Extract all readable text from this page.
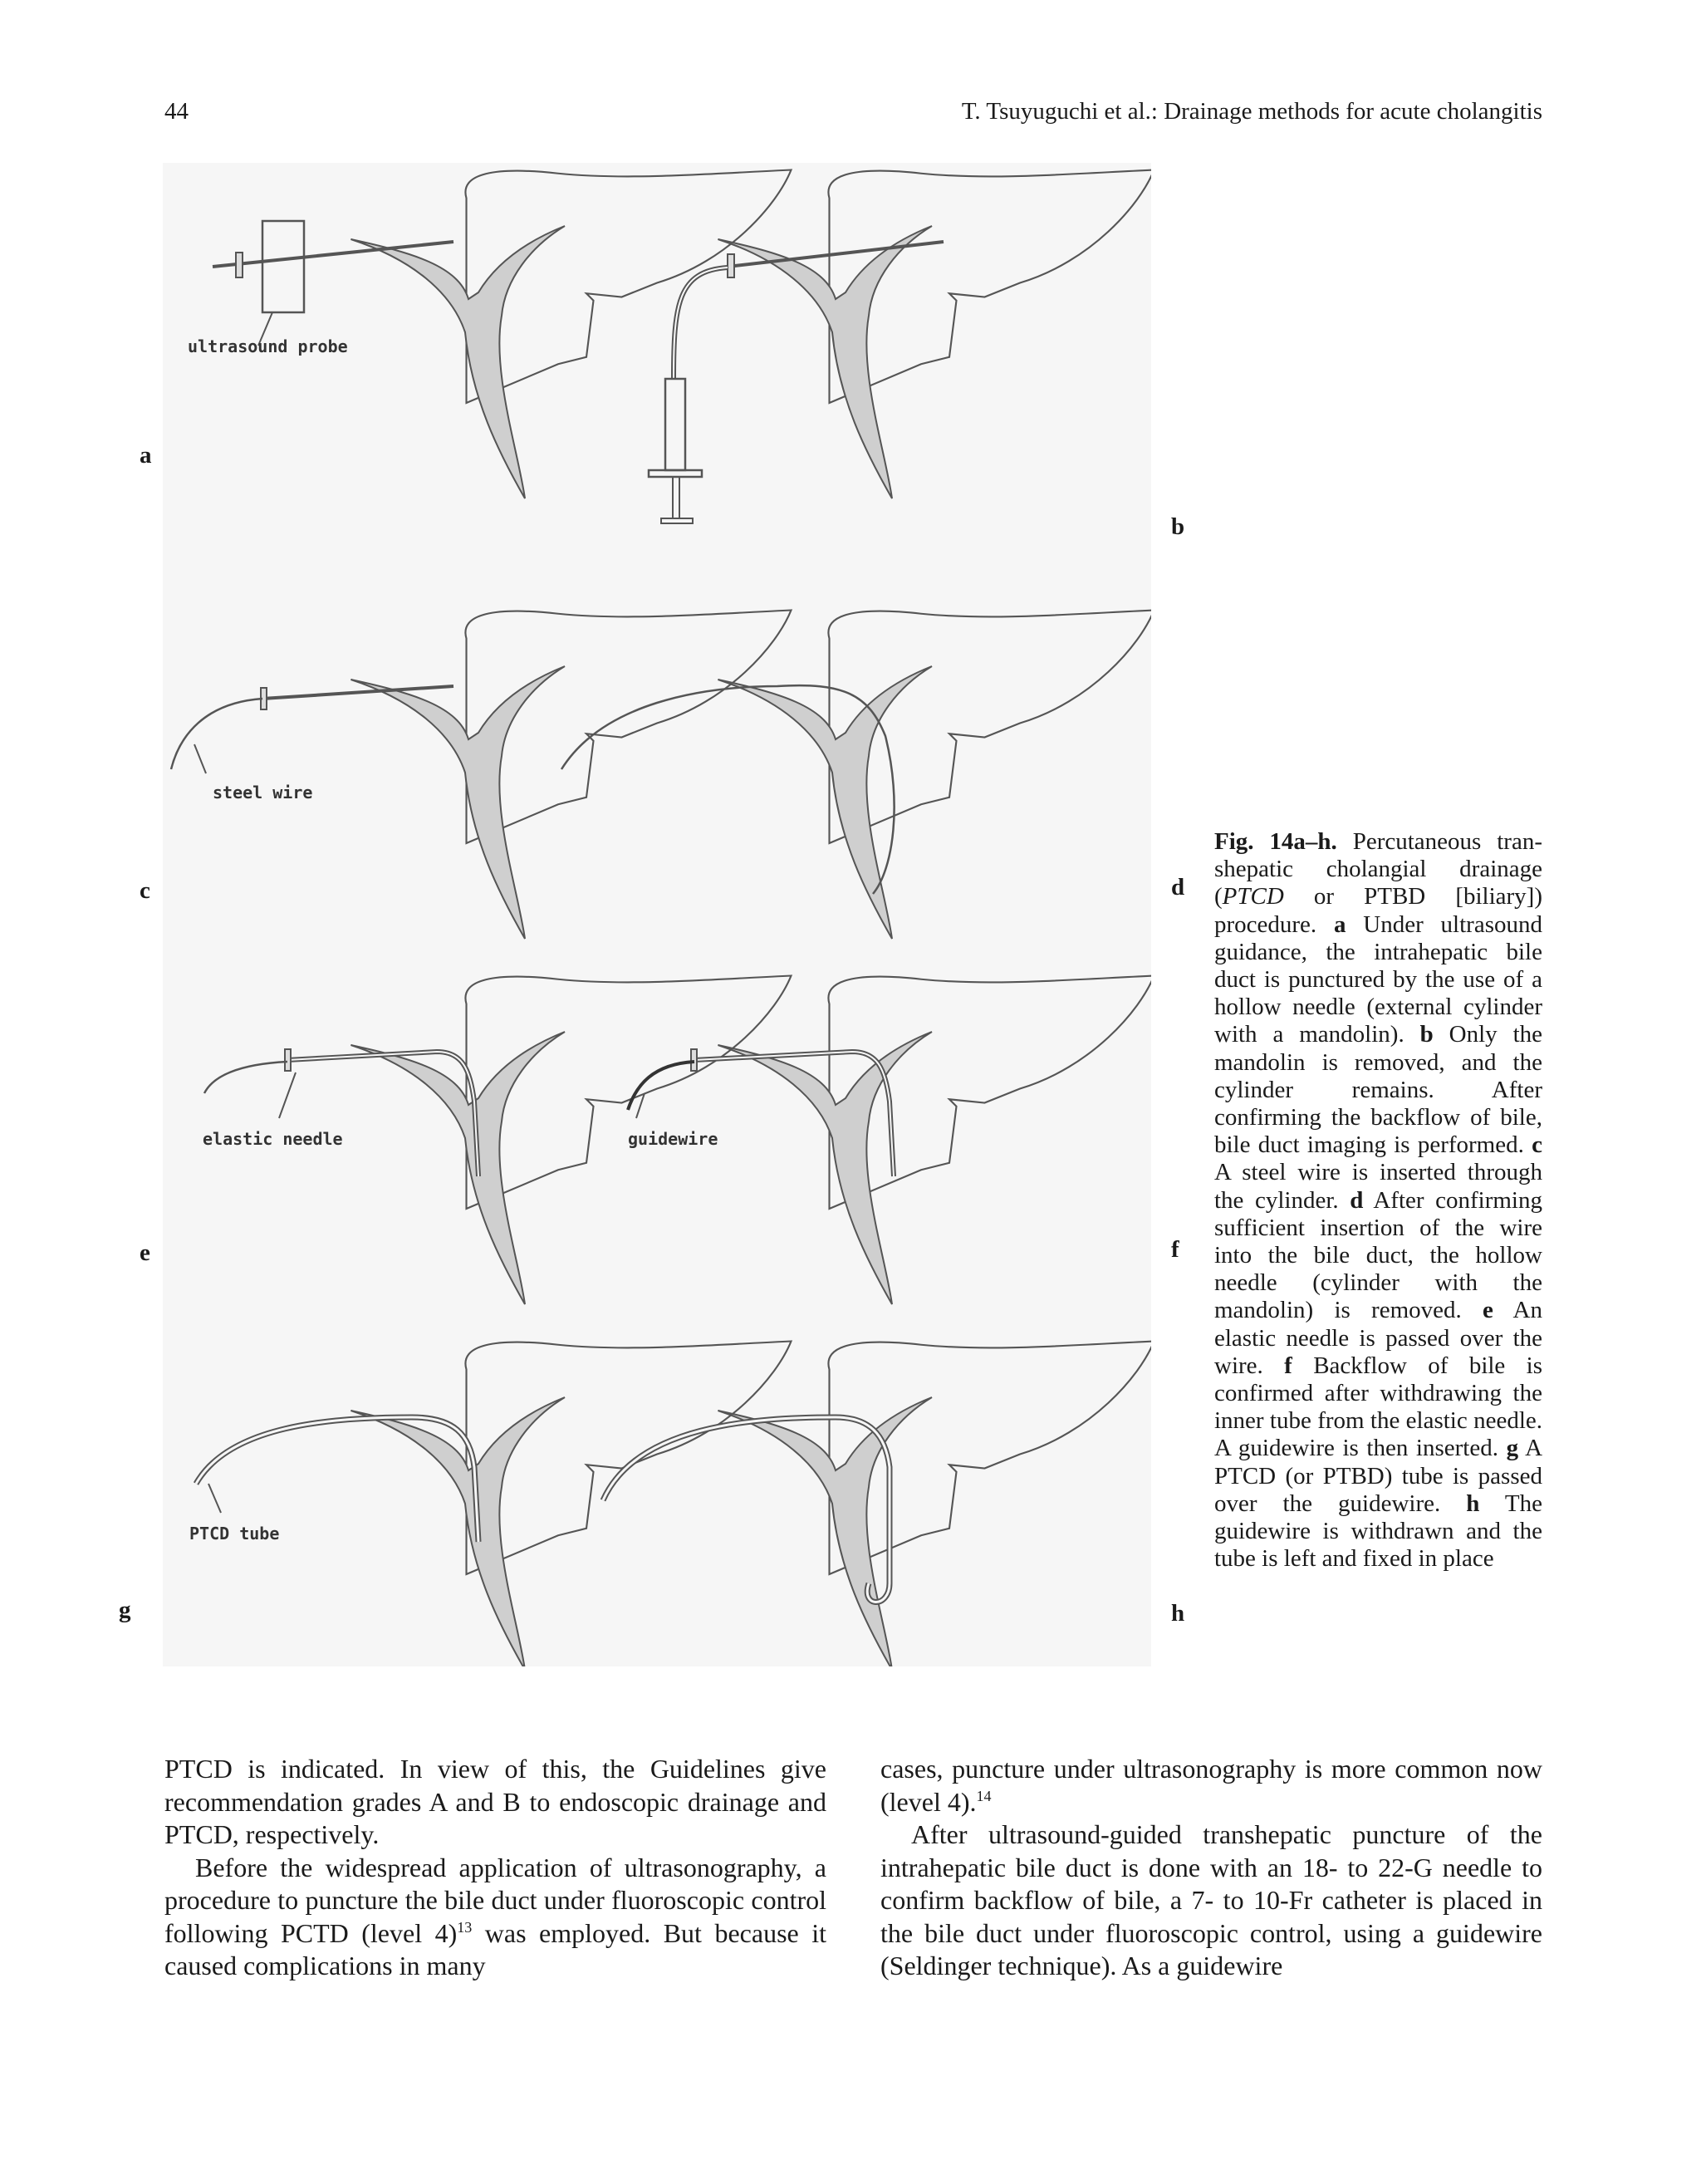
44	T. Tsuyuguchi et al.: Drainage methods for acute cholangitis
ultrasound probe
steel wire
elastic needle	guidewire
PTCD tube
a
b
c	d
e	f
g	h
Fig. 14a–h. Percutaneous transhepatic cholangial drainage (PTCD or PTBD [biliary]) procedure. a Under ultrasound guidance, the intrahepatic bile duct is punctured by the use of a hollow needle (external cylinder with a mandolin). b Only the mandolin is removed, and the cylinder remains. After confirming the backflow of bile, bile duct imaging is performed. c A steel wire is inserted through the cylinder. d After confirming sufficient insertion of the wire into the bile duct, the hollow needle (cylinder with the mandolin) is removed. e An elastic needle is passed over the wire. f Backflow of bile is confirmed after withdrawing the inner tube from the elastic needle. A guidewire is then inserted. g A PTCD (or PTBD) tube is passed over the guidewire. h The guidewire is withdrawn and the tube is left and fixed in place

PTCD is indicated. In view of this, the Guidelines give recommendation grades A and B to endoscopic drainage and PTCD, respectively.

Before the widespread application of ultrasonography, a procedure to puncture the bile duct under fluoroscopic control following PCTD (level 4)$^{13}$ was employed. But because it caused complications in many

cases, puncture under ultrasonography is more common now (level 4).$^{14}$

After ultrasound-guided transhepatic puncture of the intrahepatic bile duct is done with an 18- to 22-G needle to confirm backflow of bile, a 7- to 10-Fr catheter is placed in the bile duct under fluoroscopic control, using a guidewire (Seldinger technique). As a guidewire
